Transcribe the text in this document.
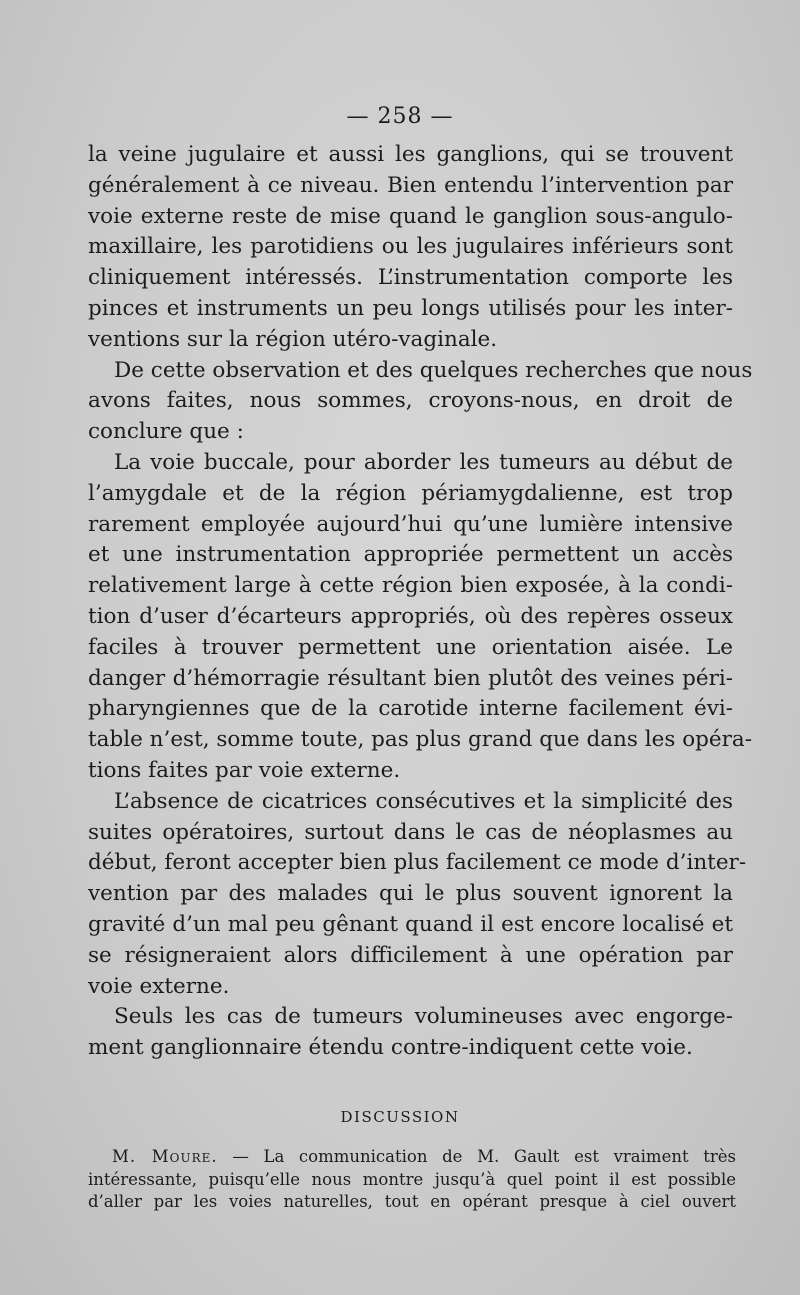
— 258 —
la veine jugulaire et aussi les ganglions, qui se trouvent
généralement à ce niveau. Bien entendu l’intervention par
voie externe reste de mise quand le ganglion sous-angulo-
maxillaire, les parotidiens ou les jugulaires inférieurs sont
cliniquement intéressés. L’instrumentation comporte les
pinces et instruments un peu longs utilisés pour les inter-
ventions sur la région utéro-vaginale.
De cette observation et des quelques recherches que nous
avons faites, nous sommes, croyons-nous, en droit de
conclure que :
La voie buccale, pour aborder les tumeurs au début de
l’amygdale et de la région périamygdalienne, est trop
rarement employée aujourd’hui qu’une lumière intensive
et une instrumentation appropriée permettent un accès
relativement large à cette région bien exposée, à la condi-
tion d’user d’écarteurs appropriés, où des repères osseux
faciles à trouver permettent une orientation aisée. Le
danger d’hémorragie résultant bien plutôt des veines péri-
pharyngiennes que de la carotide interne facilement évi-
table n’est, somme toute, pas plus grand que dans les opéra-
tions faites par voie externe.
L’absence de cicatrices consécutives et la simplicité des
suites opératoires, surtout dans le cas de néoplasmes au
début, feront accepter bien plus facilement ce mode d’inter-
vention par des malades qui le plus souvent ignorent la
gravité d’un mal peu gênant quand il est encore localisé et
se résigneraient alors difficilement à une opération par
voie externe.
Seuls les cas de tumeurs volumineuses avec engorge-
ment ganglionnaire étendu contre-indiquent cette voie.
DISCUSSION
M. Moure. — La communication de M. Gault est vraiment très
intéressante, puisqu’elle nous montre jusqu’à quel point il est possible
d’aller par les voies naturelles, tout en opérant presque à ciel ouvert
